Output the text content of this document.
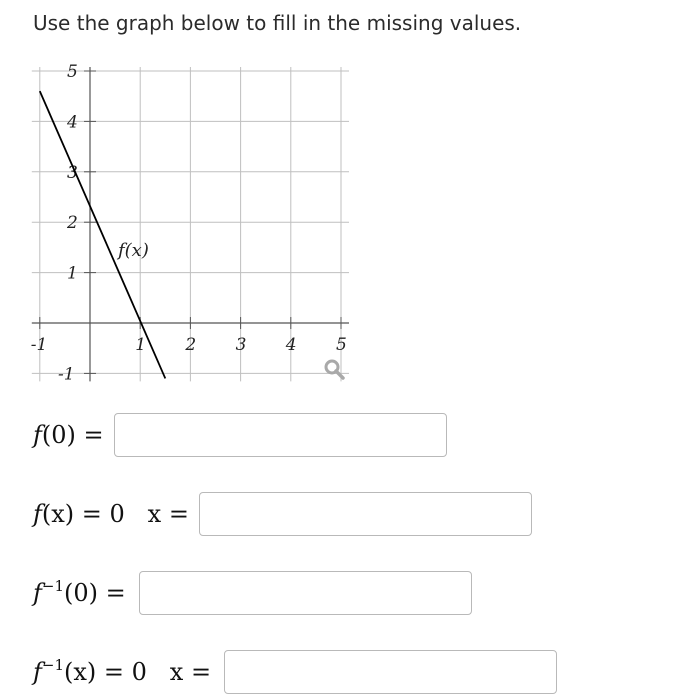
Use the graph below to fill in the missing values.
-1	1 2 3 4 5
-1
1
2
3
4
5
f(x)
f(0) =
f(x) = 0   x =
$f^{-1}(0)$ =
$f^{-1}(x) = 0$   x =
